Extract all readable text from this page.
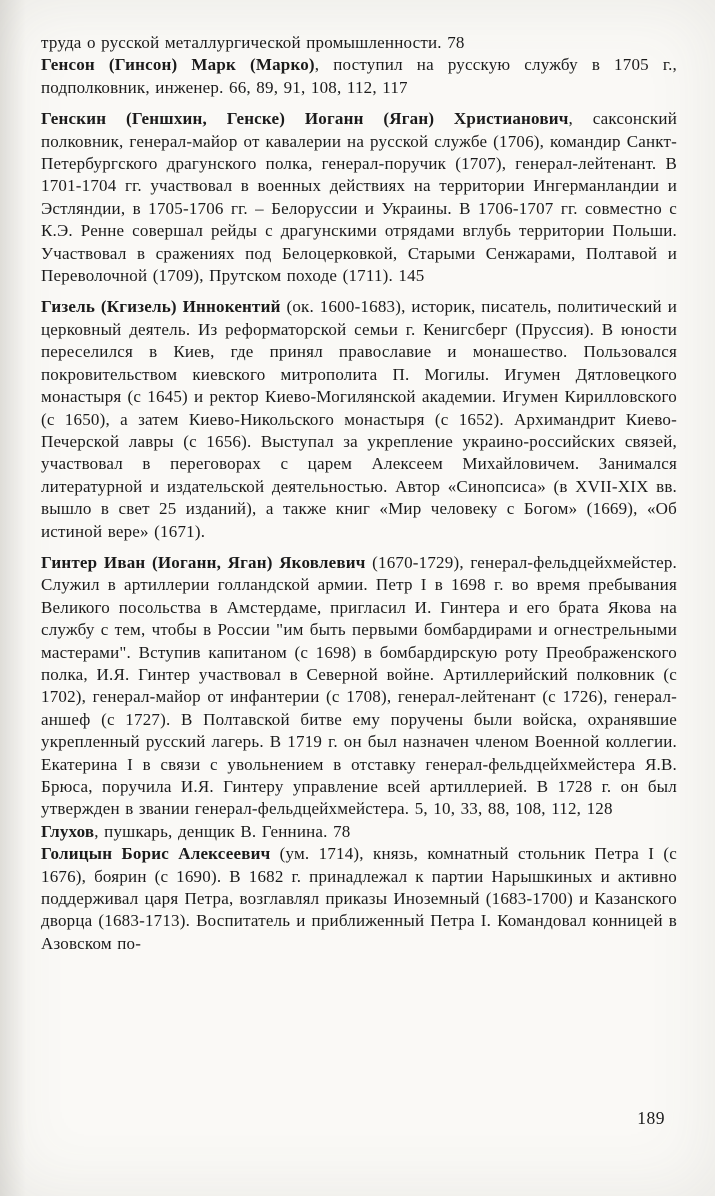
труда о русской металлургической промышленности. 78

Генсон (Гинсон) Марк (Марко), поступил на русскую службу в 1705 г., подполковник, инженер. 66, 89, 91, 108, 112, 117

Генскин (Геншхин, Генске) Иоганн (Яган) Христианович, саксонский полковник, генерал-майор от кавалерии на русской службе (1706), командир Санкт-Петербургского драгунского полка, генерал-поручик (1707), генерал-лейтенант. В 1701-1704 гг. участвовал в военных действиях на территории Ингерманландии и Эстляндии, в 1705-1706 гг. – Белоруссии и Украины. В 1706-1707 гг. совместно с К.Э. Ренне совершал рейды с драгунскими отрядами вглубь территории Польши. Участвовал в сражениях под Белоцерковкой, Старыми Сенжарами, Полтавой и Переволочной (1709), Прутском походе (1711). 145

Гизель (Кгизель) Иннокентий (ок. 1600-1683), историк, писатель, политический и церковный деятель. Из реформаторской семьи г. Кенигсберг (Пруссия). В юности переселился в Киев, где принял православие и монашество. Пользовался покровительством киевского митрополита П. Могилы. Игумен Дятловецкого монастыря (с 1645) и ректор Киево-Могилянской академии. Игумен Кирилловского (с 1650), а затем Киево-Никольского монастыря (с 1652). Архимандрит Киево-Печерской лавры (с 1656). Выступал за укрепление украино-российских связей, участвовал в переговорах с царем Алексеем Михайловичем. Занимался литературной и издательской деятельностью. Автор «Синопсиса» (в XVII-XIX вв. вышло в свет 25 изданий), а также книг «Мир человеку с Богом» (1669), «Об истиной вере» (1671).

Гинтер Иван (Иоганн, Яган) Яковлевич (1670-1729), генерал-фельдцейхмейстер. Служил в артиллерии голландской армии. Петр I в 1698 г. во время пребывания Великого посольства в Амстердаме, пригласил И. Гинтера и его брата Якова на службу с тем, чтобы в России "им быть первыми бомбардирами и огнестрельными мастерами". Вступив капитаном (с 1698) в бомбардирскую роту Преображенского полка, И.Я. Гинтер участвовал в Северной войне. Артиллерийский полковник (с 1702), генерал-майор от инфантерии (с 1708), генерал-лейтенант (с 1726), генерал-аншеф (с 1727). В Полтавской битве ему поручены были войска, охранявшие укрепленный русский лагерь. В 1719 г. он был назначен членом Военной коллегии. Екатерина I в связи с увольнением в отставку генерал-фельдцейхмейстера Я.В. Брюса, поручила И.Я. Гинтеру управление всей артиллерией. В 1728 г. он был утвержден в звании генерал-фельдцейхмейстера. 5, 10, 33, 88, 108, 112, 128

Глухов, пушкарь, денщик В. Геннина. 78

Голицын Борис Алексеевич (ум. 1714), князь, комнатный стольник Петра I (с 1676), боярин (с 1690). В 1682 г. принадлежал к партии Нарышкиных и активно поддерживал царя Петра, возглавлял приказы Иноземный (1683-1700) и Казанского дворца (1683-1713). Воспитатель и приближенный Петра I. Командовал конницей в Азовском по-

189
